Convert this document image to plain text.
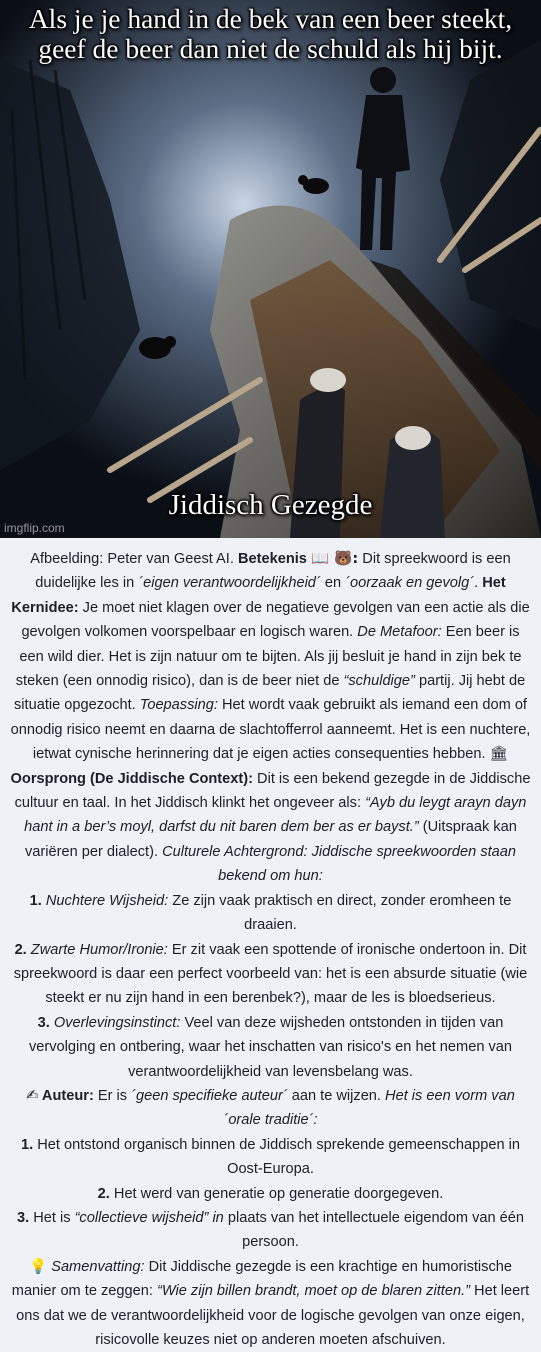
Als je je hand in de bek van een beer steekt,
geef de beer dan niet de schuld als hij bijt.
Jiddisch Gezegde
imgflip.com

Afbeelding: Peter van Geest AI. Betekenis 📖 🐻: Dit spreekwoord is een duidelijke les in ´eigen verantwoordelijkheid´ en ´oorzaak en gevolg´. Het Kernidee: Je moet niet klagen over de negatieve gevolgen van een actie als die gevolgen volkomen voorspelbaar en logisch waren. De Metafoor: Een beer is een wild dier. Het is zijn natuur om te bijten. Als jij besluit je hand in zijn bek te steken (een onnodig risico), dan is de beer niet de “schuldige” partij. Jij hebt de situatie opgezocht. Toepassing: Het wordt vaak gebruikt als iemand een dom of onnodig risico neemt en daarna de slachtofferrol aanneemt. Het is een nuchtere, ietwat cynische herinnering dat je eigen acties consequenties hebben. 🏛 Oorsprong (De Jiddische Context): Dit is een bekend gezegde in de Jiddische cultuur en taal. In het Jiddisch klinkt het ongeveer als: “Ayb du leygt arayn dayn hant in a ber’s moyl, darfst du nit baren dem ber as er bayst.” (Uitspraak kan variëren per dialect). Culturele Achtergrond: Jiddische spreekwoorden staan bekend om hun:

1. Nuchtere Wijsheid: Ze zijn vaak praktisch en direct, zonder eromheen te draaien.

2. Zwarte Humor/Ironie: Er zit vaak een spottende of ironische ondertoon in. Dit spreekwoord is daar een perfect voorbeeld van: het is een absurde situatie (wie steekt er nu zijn hand in een berenbek?), maar de les is bloedserieus.

3. Overlevingsinstinct: Veel van deze wijsheden ontstonden in tijden van vervolging en ontbering, waar het inschatten van risico's en het nemen van verantwoordelijkheid van levensbelang was.

✍ Auteur: Er is ´geen specifieke auteur´ aan te wijzen. Het is een vorm van ´orale traditie´:

1. Het ontstond organisch binnen de Jiddisch sprekende gemeenschappen in Oost-Europa.

2. Het werd van generatie op generatie doorgegeven.

3. Het is “collectieve wijsheid” in plaats van het intellectuele eigendom van één persoon.

💡 Samenvatting: Dit Jiddische gezegde is een krachtige en humoristische manier om te zeggen: “Wie zijn billen brandt, moet op de blaren zitten.” Het leert ons dat we de verantwoordelijkheid voor de logische gevolgen van onze eigen, risicovolle keuzes niet op anderen moeten afschuiven.
